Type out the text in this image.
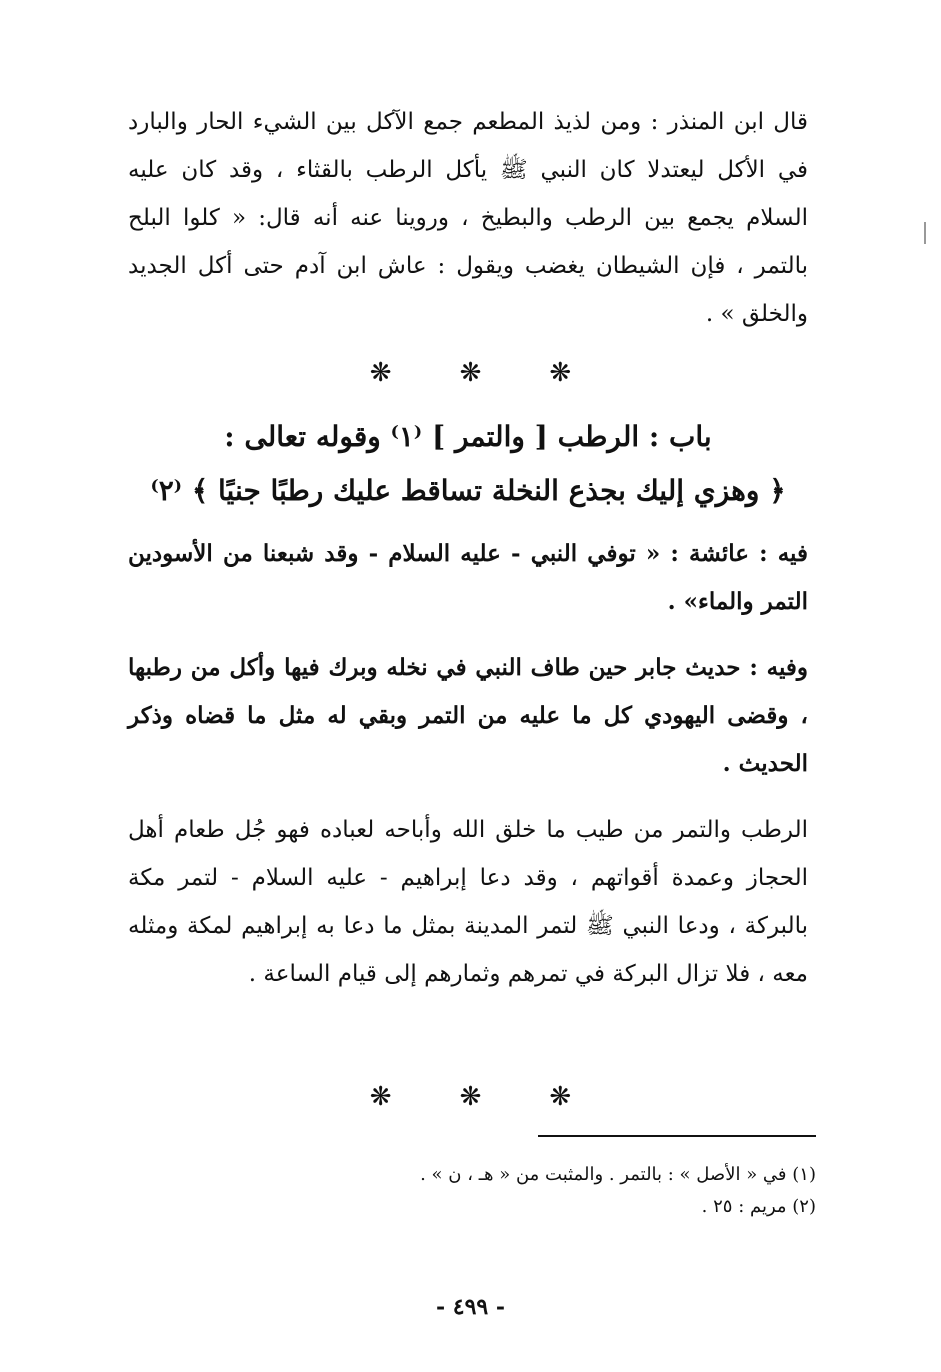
قال ابن المنذر : ومن لذيذ المطعم جمع الآكل بين الشيء الحار والبارد في الأكل ليعتدلا كان النبي ﷺ يأكل الرطب بالقثاء ، وقد كان عليه السلام يجمع بين الرطب والبطيخ ، وروينا عنه أنه قال: « كلوا البلح بالتمر ، فإن الشيطان يغضب ويقول : عاش ابن آدم حتى أكل الجديد والخلق » .

❋	❋	❋
باب : الرطب [ والتمر ] ⁽١⁾ وقوله تعالى :
﴿ وهزي إليك بجذع النخلة تساقط عليك رطبًا جنيًا ﴾ ⁽٢⁾

فيه : عائشة : « توفي النبي - عليه السلام - وقد شبعنا من الأسودين التمر والماء» .

وفيه : حديث جابر حين طاف النبي في نخله وبرك فيها وأكل من رطبها ، وقضى اليهودي كل ما عليه من التمر وبقي له مثل ما قضاه وذكر الحديث .

الرطب والتمر من طيب ما خلق الله وأباحه لعباده فهو جُل طعام أهل الحجاز وعمدة أقواتهم ، وقد دعا إبراهيم - عليه السلام - لتمر مكة بالبركة ، ودعا النبي ﷺ لتمر المدينة بمثل ما دعا به إبراهيم لمكة ومثله معه ، فلا تزال البركة في تمرهم وثمارهم إلى قيام الساعة .

❋	❋	❋
(١) في « الأصل » : بالتمر . والمثبت من « هـ ، ن » .
(٢) مريم : ٢٥ .
- ٤٩٩ -
